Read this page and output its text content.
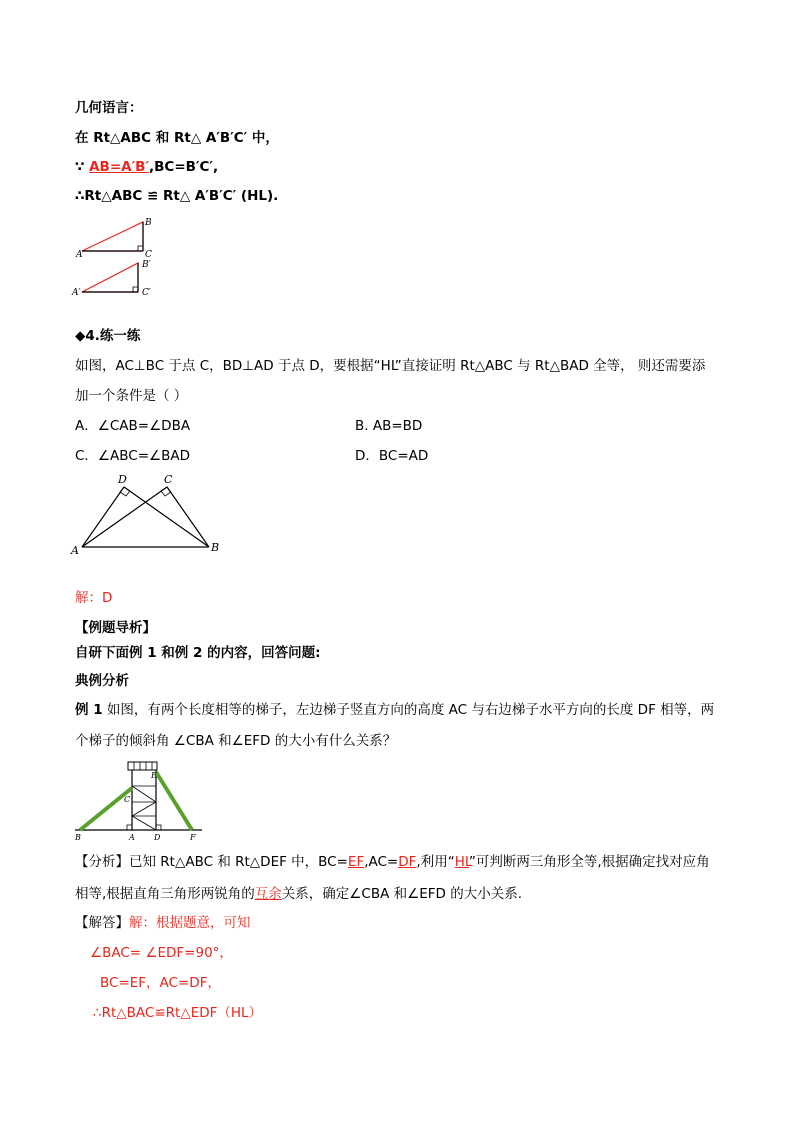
几何语言：
在 Rt△ABC 和 Rt△ A′B′C′ 中，
∵ AB=A′B′,BC=B′C′,
∴Rt△ABC ≌ Rt△ A′B′C′ (HL).
B
A	C
B′
A′	C′
◆4.练一练
如图，AC⊥BC 于点 C，BD⊥AD 于点 D，要根据“HL”直接证明 Rt△ABC 与 Rt△BAD 全等， 则还需要添
加一个条件是（ ）
A．∠CAB=∠DBA	B. AB=BD
C．∠ABC=∠BAD	D．BC=AD
D	C
A	B
解：D
【例题导析】
自研下面例 1 和例 2 的内容，回答问题:
典例分析
例 1 如图，有两个长度相等的梯子，左边梯子竖直方向的高度 AC 与右边梯子水平方向的长度 DF 相等，两
个梯子的倾斜角 ∠CBA 和∠EFD 的大小有什么关系？
B	A D	F
C
E
【分析】已知 Rt△ABC 和 Rt△DEF 中，BC=EF,AC=DF,利用“HL”可判断两三角形全等,根据确定找对应角
相等,根据直角三角形两锐角的互余关系，确定∠CBA 和∠EFD 的大小关系.
【解答】解：根据题意，可知
∠BAC= ∠EDF=90°，
BC=EF，AC=DF，
∴Rt△BAC≌Rt△EDF（HL）
